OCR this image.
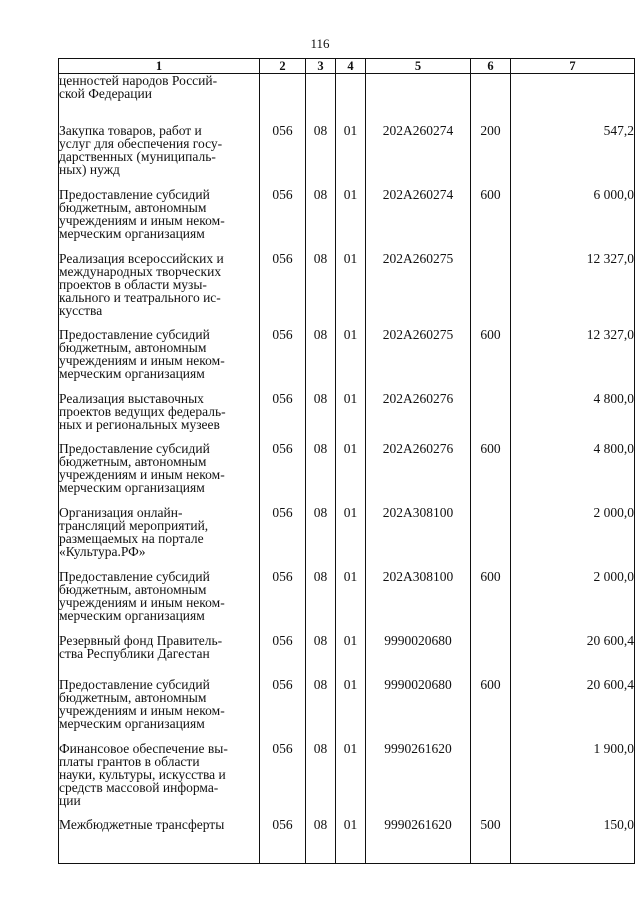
116
1	2	3	4	5	6	7
ценностей народов Россий-
ской Федерации						
Закупка товаров, работ и
услуг для обеспечения госу-
дарственных (муниципаль-
ных) нужд	056	08	01	202A260274	200	547,2
Предоставление субсидий
бюджетным, автономным
учреждениям и иным неком-
мерческим организациям	056	08	01	202A260274	600	6 000,0
Реализация всероссийских и
международных творческих
проектов в области музы-
кального и театрального ис-
кусства	056	08	01	202A260275		12 327,0
Предоставление субсидий
бюджетным, автономным
учреждениям и иным неком-
мерческим организациям	056	08	01	202A260275	600	12 327,0
Реализация выставочных
проектов ведущих федераль-
ных и региональных музеев	056	08	01	202A260276		4 800,0
Предоставление субсидий
бюджетным, автономным
учреждениям и иным неком-
мерческим организациям	056	08	01	202A260276	600	4 800,0
Организация онлайн-
трансляций мероприятий,
размещаемых на портале
«Культура.РФ»	056	08	01	202A308100		2 000,0
Предоставление субсидий
бюджетным, автономным
учреждениям и иным неком-
мерческим организациям	056	08	01	202A308100	600	2 000,0
Резервный фонд Правитель-
ства Республики Дагестан	056	08	01	9990020680		20 600,4
Предоставление субсидий
бюджетным, автономным
учреждениям и иным неком-
мерческим организациям	056	08	01	9990020680	600	20 600,4
Финансовое обеспечение вы-
платы грантов в области
науки, культуры, искусства и
средств массовой информа-
ции	056	08	01	9990261620		1 900,0
Межбюджетные трансферты	056	08	01	9990261620	500	150,0
